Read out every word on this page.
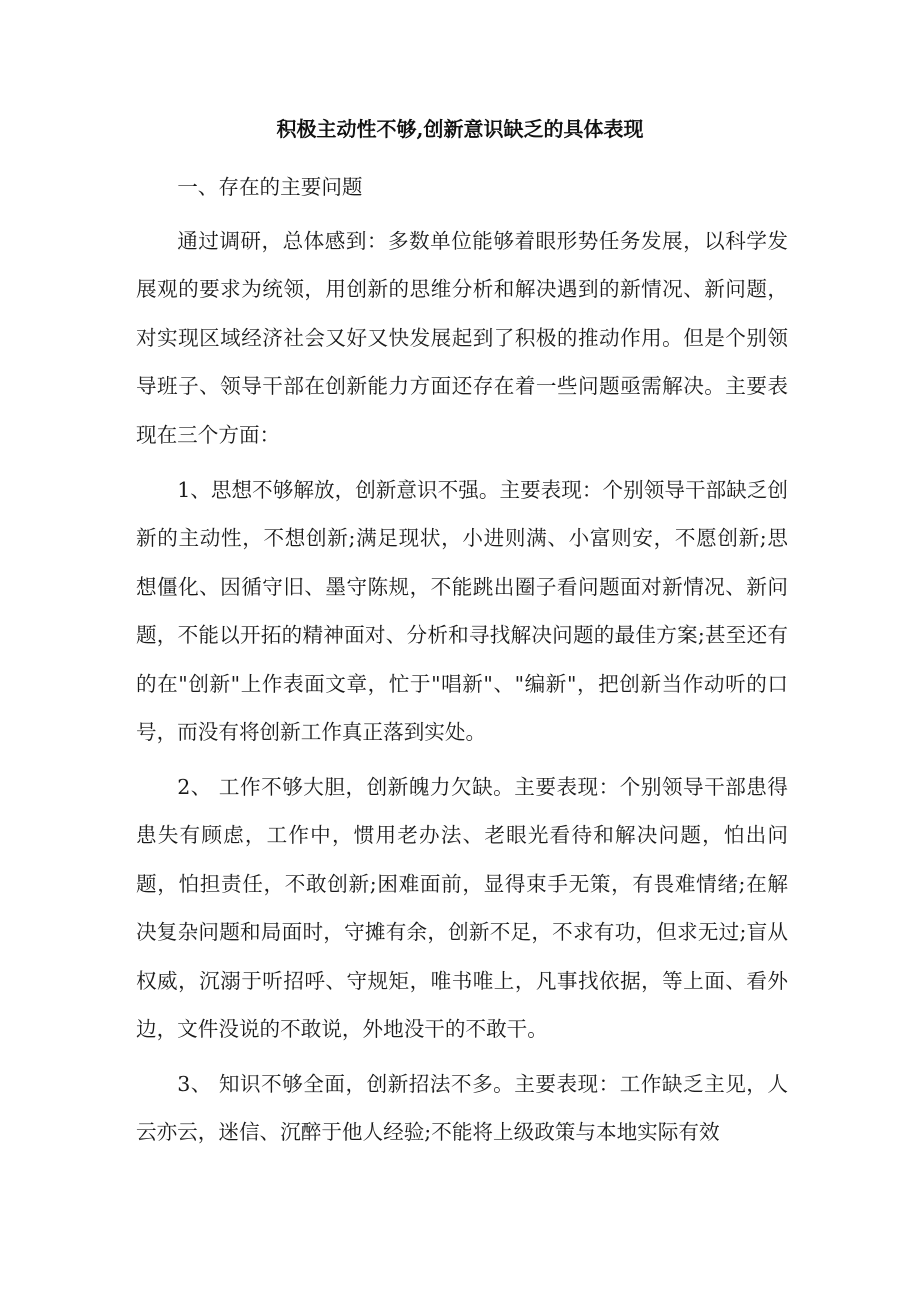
积极主动性不够,创新意识缺乏的具体表现

一、存在的主要问题

通过调研，总体感到：多数单位能够着眼形势任务发展，以科学发展观的要求为统领，用创新的思维分析和解决遇到的新情况、新问题，对实现区域经济社会又好又快发展起到了积极的推动作用。但是个别领导班子、领导干部在创新能力方面还存在着一些问题亟需解决。主要表现在三个方面：

1、思想不够解放，创新意识不强。主要表现：个别领导干部缺乏创新的主动性，不想创新;满足现状，小进则满、小富则安，不愿创新;思想僵化、因循守旧、墨守陈规，不能跳出圈子看问题面对新情况、新问题，不能以开拓的精神面对、分析和寻找解决问题的最佳方案;甚至还有的在"创新"上作表面文章，忙于"唱新"、"编新"，把创新当作动听的口号，而没有将创新工作真正落到实处。

2、 工作不够大胆，创新魄力欠缺。主要表现：个别领导干部患得患失有顾虑，工作中，惯用老办法、老眼光看待和解决问题，怕出问题，怕担责任，不敢创新;困难面前，显得束手无策，有畏难情绪;在解决复杂问题和局面时，守摊有余，创新不足，不求有功，但求无过;盲从权威，沉溺于听招呼、守规矩，唯书唯上，凡事找依据，等上面、看外边，文件没说的不敢说，外地没干的不敢干。

3、 知识不够全面，创新招法不多。主要表现：工作缺乏主见，人云亦云，迷信、沉醉于他人经验;不能将上级政策与本地实际有效
